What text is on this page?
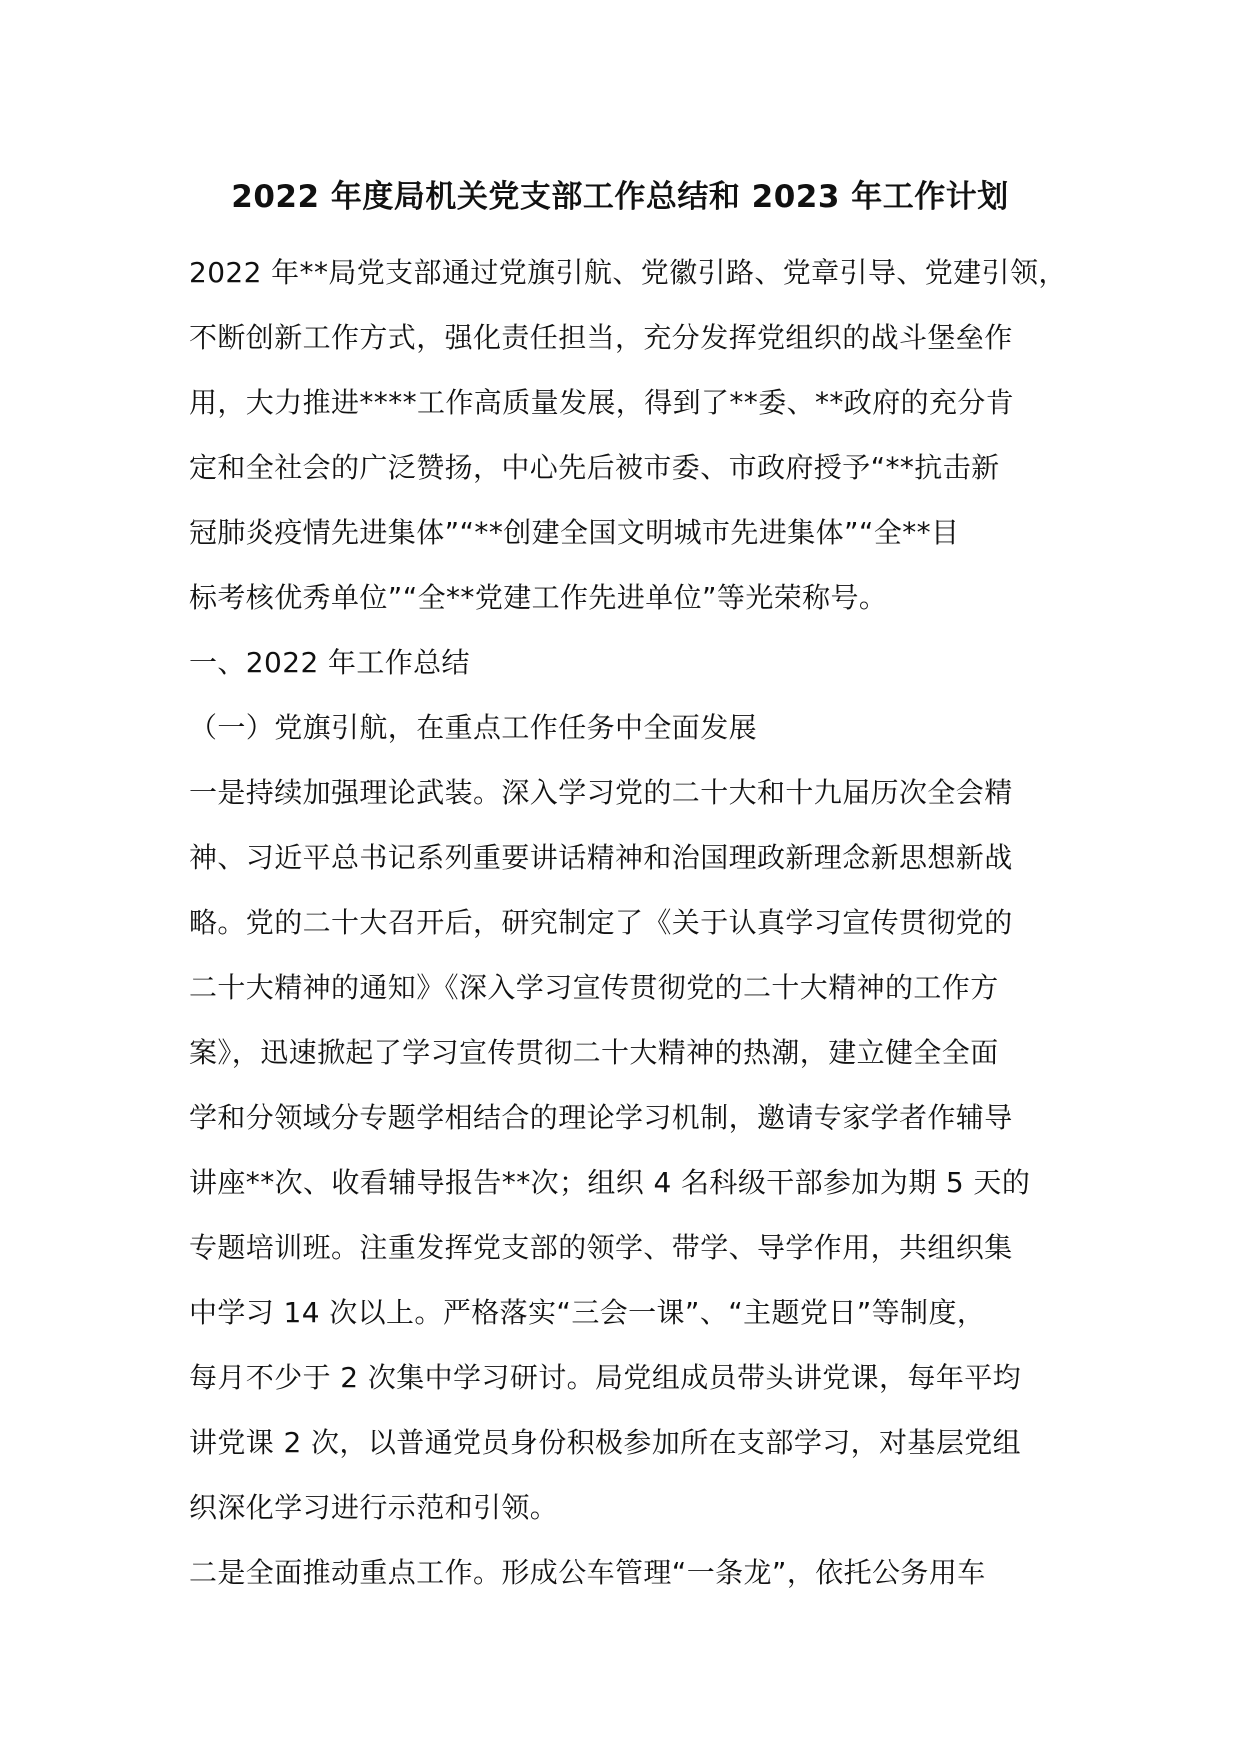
2022 年度局机关党支部工作总结和 2023 年工作计划
2022 年**局党支部通过党旗引航、党徽引路、党章引导、党建引领，
不断创新工作方式，强化责任担当，充分发挥党组织的战斗堡垒作
用，大力推进****工作高质量发展，得到了**委、**政府的充分肯
定和全社会的广泛赞扬，中心先后被市委、市政府授予“**抗击新
冠肺炎疫情先进集体”“**创建全国文明城市先进集体”“全**目
标考核优秀单位”“全**党建工作先进单位”等光荣称号。
一、2022 年工作总结
（一）党旗引航，在重点工作任务中全面发展
一是持续加强理论武装。深入学习党的二十大和十九届历次全会精
神、习近平总书记系列重要讲话精神和治国理政新理念新思想新战
略。党的二十大召开后，研究制定了《关于认真学习宣传贯彻党的
二十大精神的通知》《深入学习宣传贯彻党的二十大精神的工作方
案》，迅速掀起了学习宣传贯彻二十大精神的热潮，建立健全全面
学和分领域分专题学相结合的理论学习机制，邀请专家学者作辅导
讲座**次、收看辅导报告**次；组织 4 名科级干部参加为期 5 天的
专题培训班。注重发挥党支部的领学、带学、导学作用，共组织集
中学习 14 次以上。严格落实“三会一课”、“主题党日”等制度，
每月不少于 2 次集中学习研讨。局党组成员带头讲党课，每年平均
讲党课 2 次，以普通党员身份积极参加所在支部学习，对基层党组
织深化学习进行示范和引领。
二是全面推动重点工作。形成公车管理“一条龙”，依托公务用车
